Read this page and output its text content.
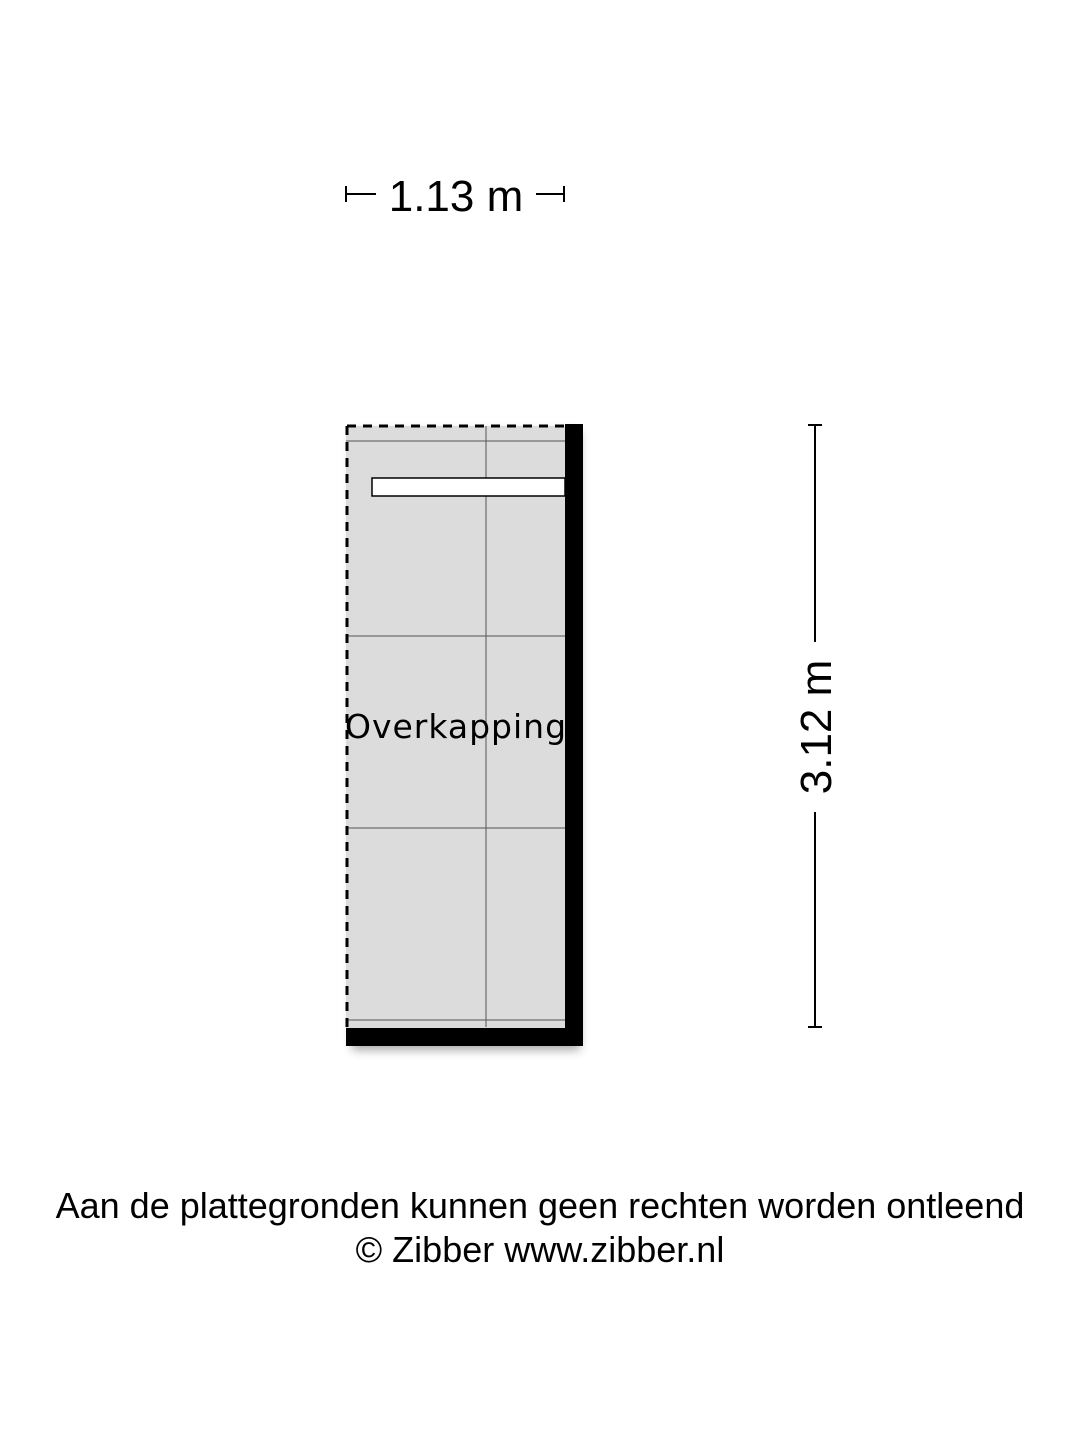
1.13 m
3.12 m
Overkapping
Aan de plattegronden kunnen geen rechten worden ontleend
© Zibber www.zibber.nl
